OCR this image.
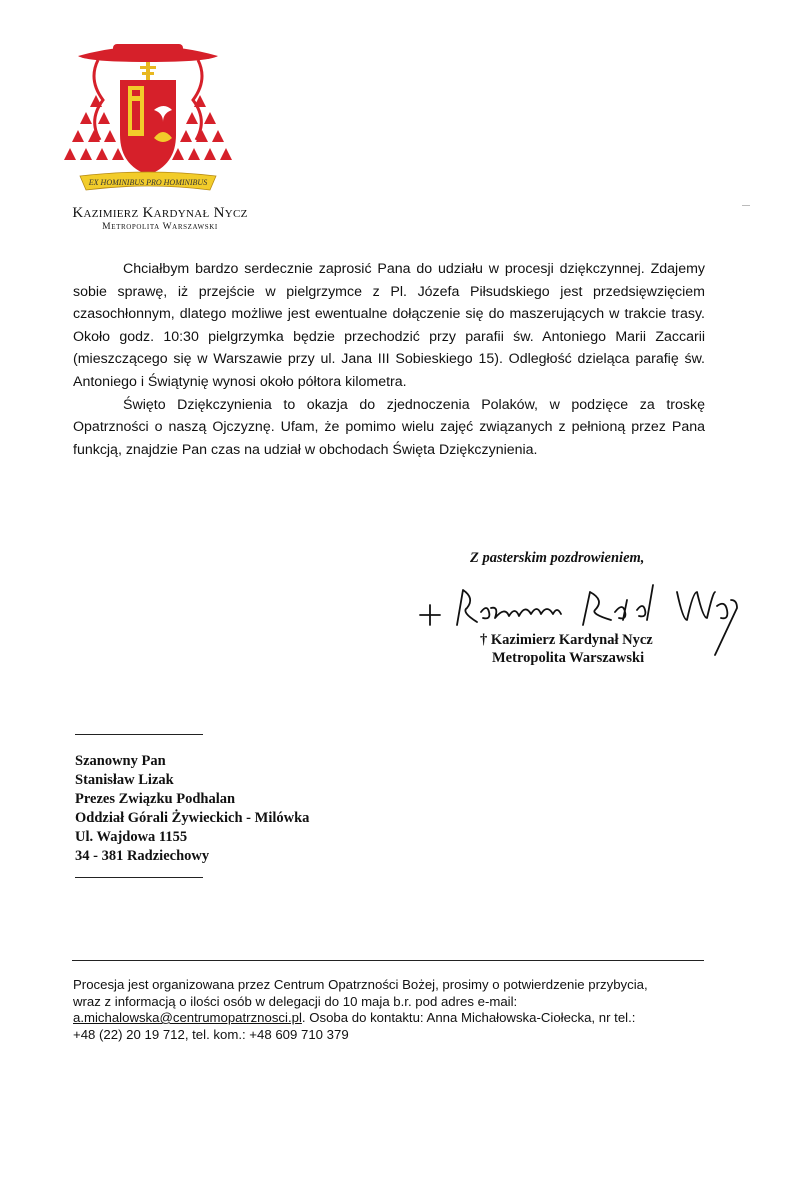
EX HOMINIBUS PRO HOMINIBUS
Kazimierz Kardynał Nycz
Metropolita Warszawski

Chciałbym bardzo serdecznie zaprosić Pana do udziału w procesji dziękczynnej. Zdajemy sobie sprawę, iż przejście w pielgrzymce z Pl. Józefa Piłsudskiego jest przedsięwzięciem czasochłonnym, dlatego możliwe jest ewentualne dołączenie się do maszerujących w trakcie trasy. Około godz. 10:30 pielgrzymka będzie przechodzić przy parafii św. Antoniego Marii Zaccarii (mieszczącego się w Warszawie przy ul. Jana III Sobieskiego 15). Odległość dzieląca parafię św. Antoniego i Świątynię wynosi około półtora kilometra.

Święto Dziękczynienia to okazja do zjednoczenia Polaków, w podzięce za troskę Opatrzności o naszą Ojczyznę. Ufam, że pomimo wielu zajęć związanych z pełnioną przez Pana funkcją, znajdzie Pan czas na udział w obchodach Święta Dziękczynienia.

Z pasterskim pozdrowieniem,
† Kazimierz Kardynał Nycz
Metropolita Warszawski
Szanowny Pan
Stanisław Lizak
Prezes Związku Podhalan
Oddział Górali Żywieckich - Milówka
Ul. Wajdowa 1155
34 - 381 Radziechowy
Procesja jest organizowana przez Centrum Opatrzności Bożej, prosimy o potwierdzenie przybycia,
wraz z informacją o ilości osób w delegacji do 10 maja b.r. pod adres e-mail:
a.michalowska@centrumopatrznosci.pl. Osoba do kontaktu: Anna Michałowska-Ciołecka, nr tel.:
+48 (22) 20 19 712, tel. kom.: +48 609 710 379
